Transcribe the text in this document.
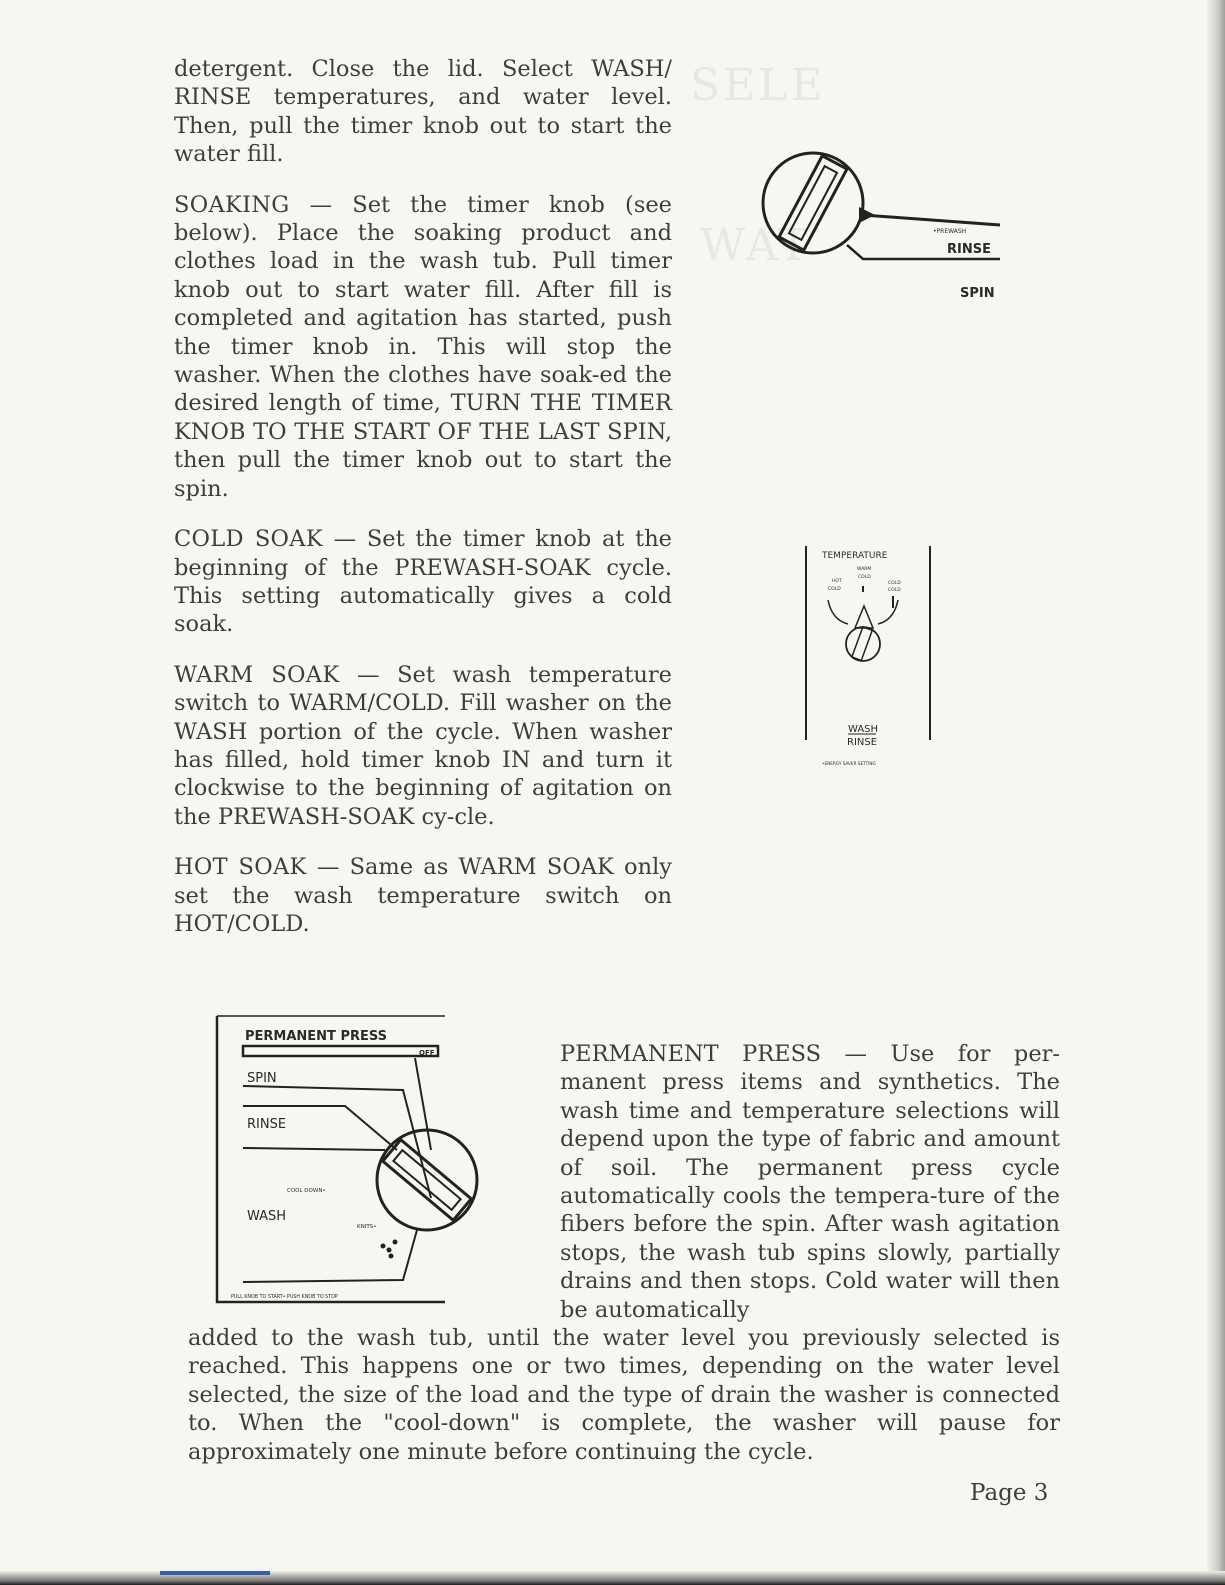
SELE
WAT

detergent. Close the lid. Select WASH/ RINSE temperatures, and water level. Then, pull the timer knob out to start the water fill.

SOAKING — Set the timer knob (see below). Place the soaking product and clothes load in the wash tub. Pull timer knob out to start water fill. After fill is completed and agitation has started, push the timer knob in. This will stop the washer. When the clothes have soak-ed the desired length of time, TURN THE TIMER KNOB TO THE START OF THE LAST SPIN, then pull the timer knob out to start the spin.

COLD SOAK — Set the timer knob at the beginning of the PREWASH-SOAK cycle. This setting automatically gives a cold soak.

WARM SOAK — Set wash temperature switch to WARM/COLD. Fill washer on the WASH portion of the cycle. When washer has filled, hold timer knob IN and turn it clockwise to the beginning of agitation on the PREWASH-SOAK cy-cle.

HOT SOAK — Same as WARM SOAK only set the wash temperature switch on HOT/COLD.

•PREWASH
RINSE
SPIN
TEMPERATURE
WARM
HOT
COLD
COLD
COLD	COLD
WASH
RINSE
•ENERGY SAVER SETTING
PERMANENT PRESS
OFF
SPIN
RINSE
COOL DOWN•
WASH
KNITS•
PULL KNOB TO START• PUSH KNOB TO STOP
PERMANENT PRESS — Use for per-manent press items and synthetics. The wash time and temperature selections will depend upon the type of fabric and amount of soil. The permanent press cycle automatically cools the tempera-ture of the fibers before the spin. After wash agitation stops, the wash tub spins slowly, partially drains and then stops. Cold water will then be automatically
added to the wash tub, until the water level you previously selected is reached. This happens one or two times, depending on the water level selected, the size of the load and the type of drain the washer is connected to. When the "cool-down" is complete, the washer will pause for approximately one minute before continuing the cycle.
Page 3
